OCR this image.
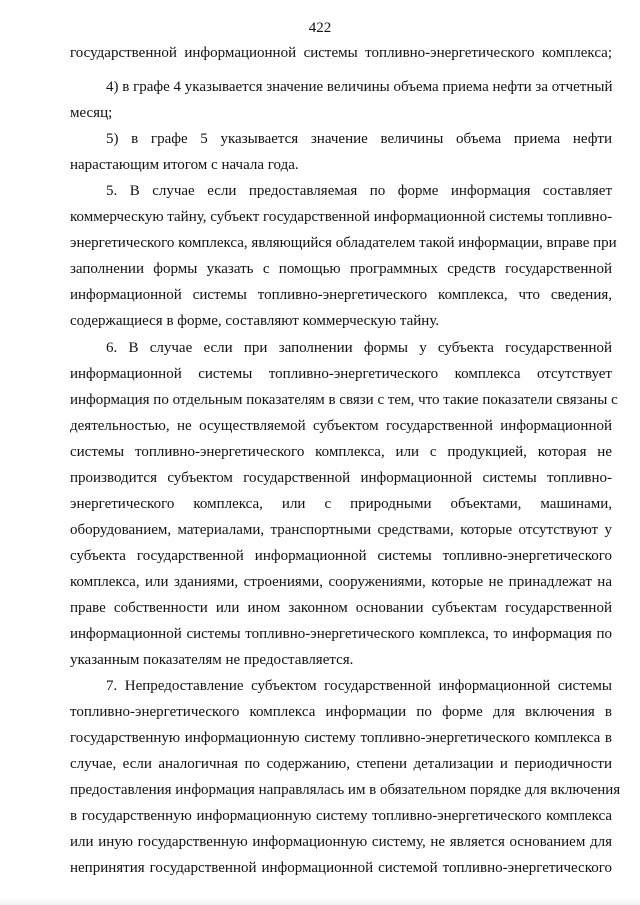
422
государственной информационной системы топливно-энергетического комплекса;
4) в графе 4 указывается значение величины объема приема нефти за отчетный
месяц;
5) в графе 5 указывается значение величины объема приема нефти
нарастающим итогом с начала года.
5. В случае если предоставляемая по форме информация составляет
коммерческую тайну, субъект государственной информационной системы топливно-
энергетического комплекса, являющийся обладателем такой информации, вправе при
заполнении формы указать с помощью программных средств государственной
информационной системы топливно-энергетического комплекса, что сведения,
содержащиеся в форме, составляют коммерческую тайну.
6. В случае если при заполнении формы у субъекта государственной
информационной системы топливно-энергетического комплекса отсутствует
информация по отдельным показателям в связи с тем, что такие показатели связаны с
деятельностью, не осуществляемой субъектом государственной информационной
системы топливно-энергетического комплекса, или с продукцией, которая не
производится субъектом государственной информационной системы топливно-
энергетического комплекса, или с природными объектами, машинами,
оборудованием, материалами, транспортными средствами, которые отсутствуют у
субъекта государственной информационной системы топливно-энергетического
комплекса, или зданиями, строениями, сооружениями, которые не принадлежат на
праве собственности или ином законном основании субъектам государственной
информационной системы топливно-энергетического комплекса, то информация по
указанным показателям не предоставляется.
7. Непредоставление субъектом государственной информационной системы
топливно-энергетического комплекса информации по форме для включения в
государственную информационную систему топливно-энергетического комплекса в
случае, если аналогичная по содержанию, степени детализации и периодичности
предоставления информация направлялась им в обязательном порядке для включения
в государственную информационную систему топливно-энергетического комплекса
или иную государственную информационную систему, не является основанием для
непринятия государственной информационной системой топливно-энергетического
